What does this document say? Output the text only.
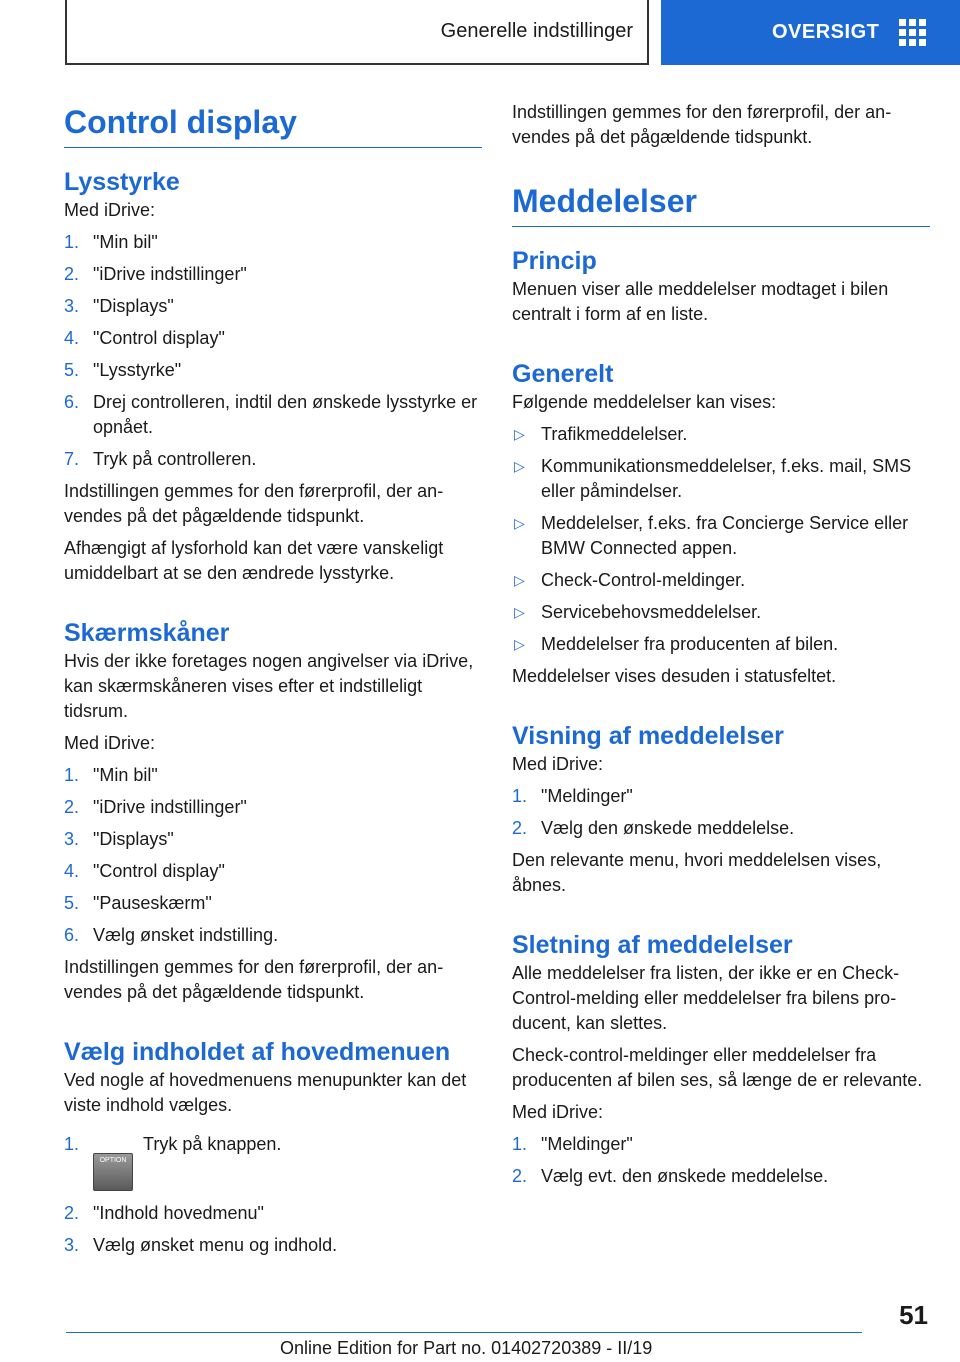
Generelle indstillinger	OVERSIGT
Control display
Lysstyrke

Med iDrive:

1. "Min bil"
2. "iDrive indstillinger"
3. "Displays"
4. "Control display"
5. "Lysstyrke"
6. Drej controlleren, indtil den ønskede lysstyrke er opnået.
7. Tryk på controlleren.

Indstillingen gemmes for den førerprofil, der anvendes på det pågældende tidspunkt.

Afhængigt af lysforhold kan det være vanskeligt umiddelbart at se den ændrede lysstyrke.

Skærmskåner

Hvis der ikke foretages nogen angivelser via iDrive, kan skærmskåneren vises efter et indstilleligt tidsrum.

Med iDrive:

1. "Min bil"
2. "iDrive indstillinger"
3. "Displays"
4. "Control display"
5. "Pauseskærm"
6. Vælg ønsket indstilling.

Indstillingen gemmes for den førerprofil, der anvendes på det pågældende tidspunkt.

Vælg indholdet af hovedmenuen

Ved nogle af hovedmenuens menupunkter kan det viste indhold vælges.

1.
OPTIONTryk på knappen.
2. "Indhold hovedmenu"
3. Vælg ønsket menu og indhold.

Indstillingen gemmes for den førerprofil, der anvendes på det pågældende tidspunkt.

Meddelelser
Princip

Menuen viser alle meddelelser modtaget i bilen centralt i form af en liste.

Generelt

Følgende meddelelser kan vises:

▷ Trafikmeddelelser.
▷ Kommunikationsmeddelelser, f.eks. mail, SMS eller påmindelser.
▷ Meddelelser, f.eks. fra Concierge Service eller BMW Connected appen.
▷ Check-Control-meldinger.
▷ Servicebehovsmeddelelser.
▷ Meddelelser fra producenten af bilen.

Meddelelser vises desuden i statusfeltet.

Visning af meddelelser

Med iDrive:

1. "Meldinger"
2. Vælg den ønskede meddelelse.

Den relevante menu, hvori meddelelsen vises, åbnes.

Sletning af meddelelser

Alle meddelelser fra listen, der ikke er en Check-Control-melding eller meddelelser fra bilens producent, kan slettes.

Check-control-meldinger eller meddelelser fra producenten af bilen ses, så længe de er relevante.

Med iDrive:

1. "Meldinger"
2. Vælg evt. den ønskede meddelelse.
51
Online Edition for Part no. 01402720389 - II/19
